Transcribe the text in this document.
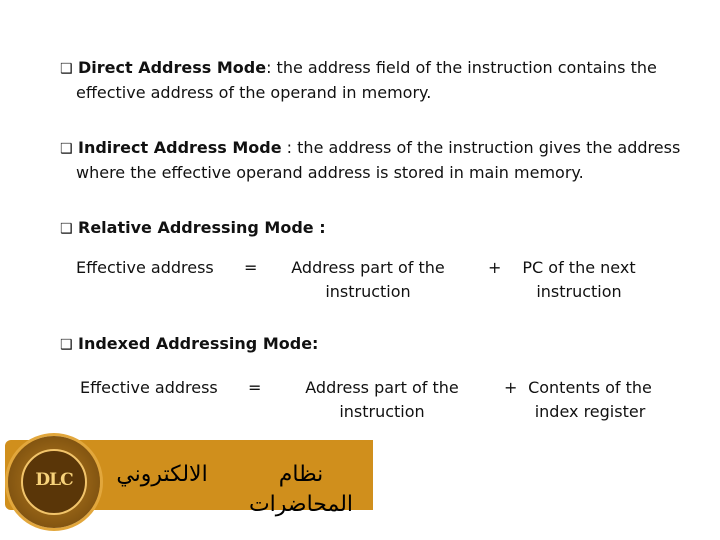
❑ Direct Address Mode: the address field of the instruction contains the
effective address of the operand in memory.
❑ Indirect Address Mode : the address of the instruction gives the address
where the effective operand address is stored in main memory.
❑ Relative Addressing Mode :
Effective address =	Address part of the
instruction
+	PC of the next
instruction
❑ Indexed Addressing Mode:
Effective address =	Address part of the
instruction
+ Contents of the
index register
DLC	الالكتروني	نظام المحاضرات
